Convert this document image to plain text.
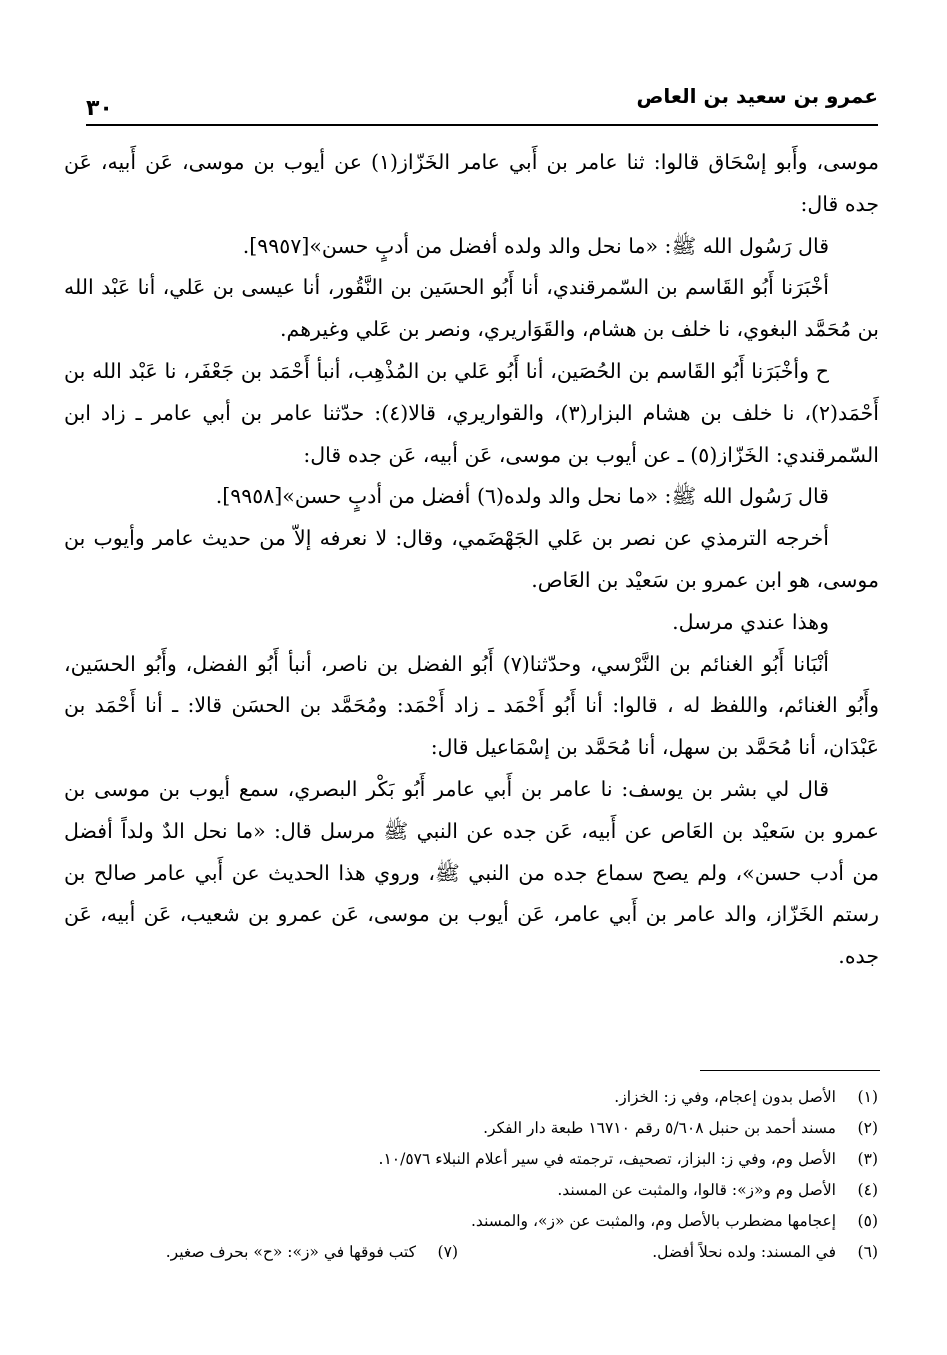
عمرو بن سعيد بن العاص
٣٠

موسى، وأَبو إسْحَاق قالوا: ثنا عامر بن أَبي عامر الخَزّاز(١) عن أيوب بن موسى، عَن أَبيه، عَن جده قال:

قال رَسُول الله ﷺ: «ما نحل والد ولده أفضل من أدبٍ حسن»[٩٩٥٧].

أخْبَرَنا أَبُو القَاسم بن السّمرقندي، أنا أَبُو الحسَين بن النَّقُور، أنا عيسى بن عَلي، أنا عَبْد الله بن مُحَمَّد البغوي، نا خلف بن هشام، والقَوَاريري، ونصر بن عَلي وغيرهم.

ح وأخْبَرَنا أَبُو القَاسم بن الحُصَين، أنا أَبُو عَلي بن المُذْهِب، أنبأ أَحْمَد بن جَعْفَر، نا عَبْد الله بن أَحْمَد(٢)، نا خلف بن هشام البزار(٣)، والقواريري، قالا(٤): حدّثنا عامر بن أبي عامر ـ زاد ابن السّمرقندي: الخَزّاز(٥) ـ عن أيوب بن موسى، عَن أبيه، عَن جده قال:

قال رَسُول الله ﷺ: «ما نحل والد ولده(٦) أفضل من أدبٍ حسن»[٩٩٥٨].

أخرجه الترمذي عن نصر بن عَلي الجَهْضَمي، وقال: لا نعرفه إلاّ من حديث عامر وأيوب بن موسى، هو ابن عمرو بن سَعيْد بن العَاص.

وهذا عندي مرسل.

أنْبَانا أَبُو الغنائم بن النَّرْسي، وحدّثنا(٧) أَبُو الفضل بن ناصر، أنبأ أَبُو الفضل، وأَبُو الحسَين، وأَبُو الغنائم، واللفظ له ، قالوا: أنا أَبُو أَحْمَد ـ زاد أَحْمَد: ومُحَمَّد بن الحسَن قالا: ـ أنا أَحْمَد بن عَبْدَان، أنا مُحَمَّد بن سهل، أنا مُحَمَّد بن إسْمَاعيل قال:

قال لي بشر بن يوسف: نا عامر بن أَبي عامر أَبُو بَكْر البصري، سمع أيوب بن موسى بن عمرو بن سَعيْد بن العَاص عن أَبيه، عَن جده عن النبي ﷺ مرسل قال: «ما نحل الدٌ ولداً أفضل من أدب حسن»، ولم يصح سماع جده من النبي ﷺ، وروي هذا الحديث عن أَبي عامر صالح بن رستم الخَزّاز، والد عامر بن أَبي عامر، عَن أيوب بن موسى، عَن عمرو بن شعيب، عَن أبيه، عَن جده.

(١)
الأصل بدون إعجام، وفي ز: الخزاز.
(٢)
مسند أحمد بن حنبل ٥/٦٠٨ رقم ١٦٧١٠ طبعة دار الفكر.
(٣)
الأصل وم، وفي ز: البزاز، تصحيف، ترجمته في سير أعلام النبلاء ١٠/٥٧٦.
(٤)
الأصل وم و«ز»: قالوا، والمثبت عن المسند.
(٥)
إعجامها مضطرب بالأصل وم، والمثبت عن «ز»، والمسند.
(٦)
في المسند: ولده نحلاً أفضل.
(٧)
كتب فوقها في «ز»: «ح» بحرف صغير.
